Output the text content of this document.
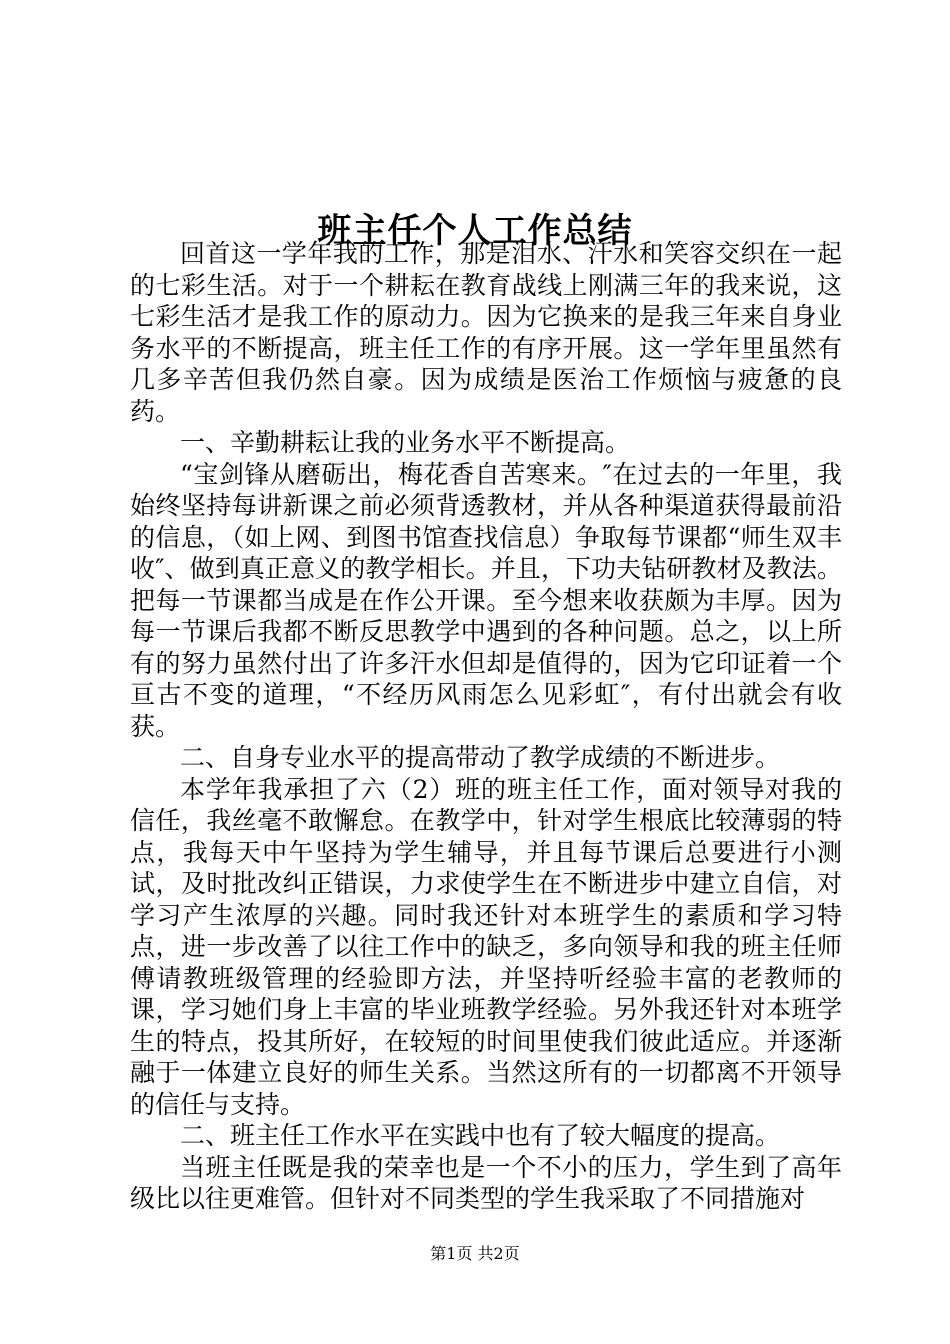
班主任个人工作总结

回首这一学年我的工作，那是泪水、汗水和笑容交织在一起的七彩生活。对于一个耕耘在教育战线上刚满三年的我来说，这七彩生活才是我工作的原动力。因为它换来的是我三年来自身业务水平的不断提高，班主任工作的有序开展。这一学年里虽然有几多辛苦但我仍然自豪。因为成绩是医治工作烦恼与疲惫的良药。

一、辛勤耕耘让我的业务水平不断提高。

“宝剑锋从磨砺出，梅花香自苦寒来。″在过去的一年里，我始终坚持每讲新课之前必须背透教材，并从各种渠道获得最前沿的信息，（如上网、到图书馆查找信息）争取每节课都“师生双丰收″、做到真正意义的教学相长。并且，下功夫钻研教材及教法。把每一节课都当成是在作公开课。至今想来收获颇为丰厚。因为每一节课后我都不断反思教学中遇到的各种问题。总之，以上所有的努力虽然付出了许多汗水但却是值得的，因为它印证着一个亘古不变的道理，“不经历风雨怎么见彩虹″，有付出就会有收获。

二、自身专业水平的提高带动了教学成绩的不断进步。

本学年我承担了六（2）班的班主任工作，面对领导对我的信任，我丝毫不敢懈怠。在教学中，针对学生根底比较薄弱的特点，我每天中午坚持为学生辅导，并且每节课后总要进行小测试，及时批改纠正错误，力求使学生在不断进步中建立自信，对学习产生浓厚的兴趣。同时我还针对本班学生的素质和学习特点，进一步改善了以往工作中的缺乏，多向领导和我的班主任师傅请教班级管理的经验即方法，并坚持听经验丰富的老教师的课，学习她们身上丰富的毕业班教学经验。另外我还针对本班学生的特点，投其所好，在较短的时间里使我们彼此适应。并逐渐融于一体建立良好的师生关系。当然这所有的一切都离不开领导的信任与支持。

二、班主任工作水平在实践中也有了较大幅度的提高。

当班主任既是我的荣幸也是一个不小的压力，学生到了高年级比以往更难管。但针对不同类型的学生我采取了不同措施对

第1页 共2页
